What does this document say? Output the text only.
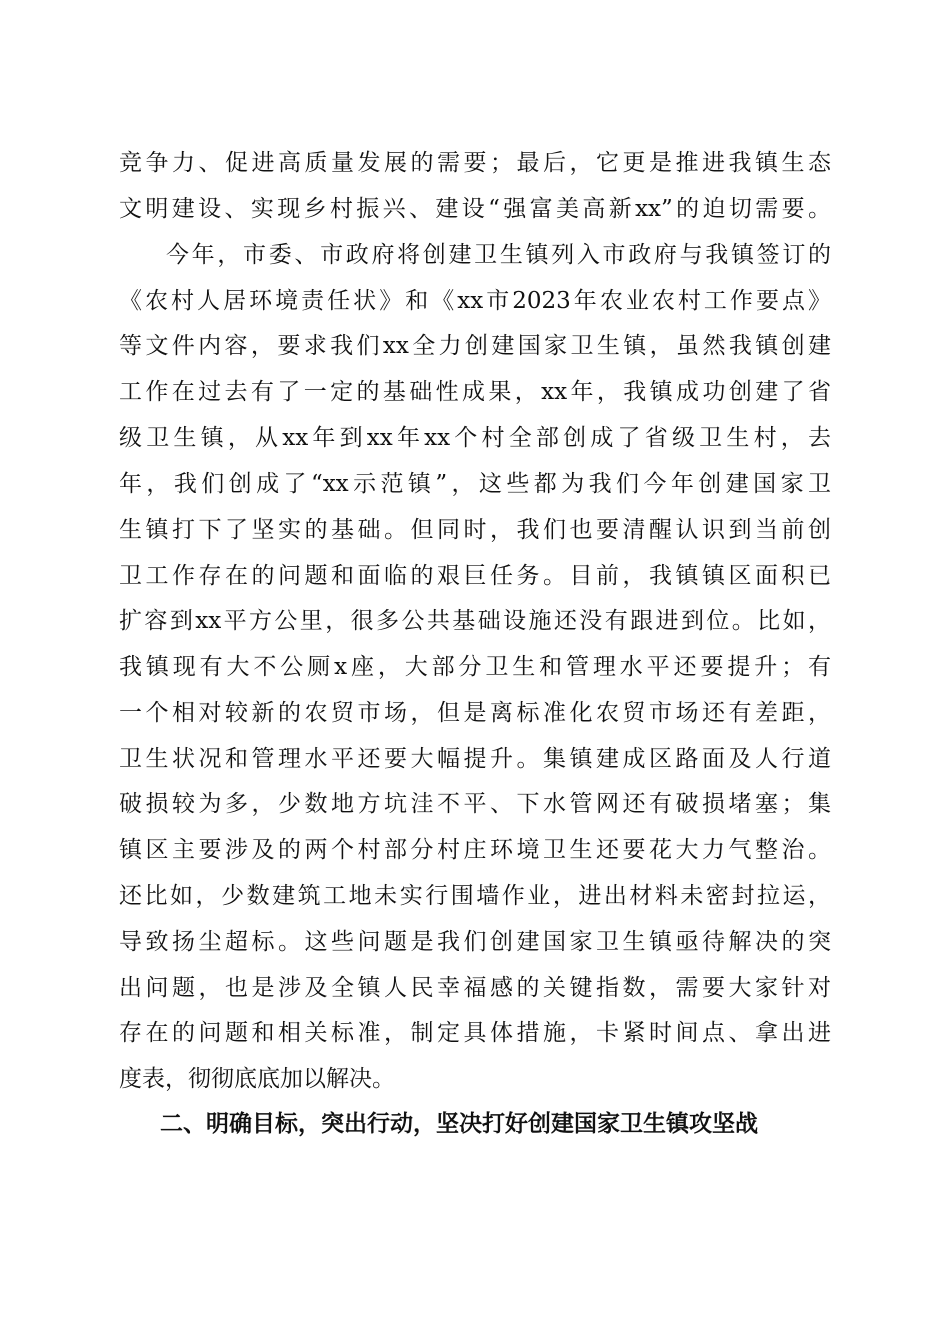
竞争力、促进高质量发展的需要；最后，它更是推进我镇生态
文明建设、实现乡村振兴、建设“强富美高新xx”的迫切需要。
今年，市委、市政府将创建卫生镇列入市政府与我镇签订的
《农村人居环境责任状》和《xx市2023年农业农村工作要点》
等文件内容，要求我们xx全力创建国家卫生镇，虽然我镇创建
工作在过去有了一定的基础性成果，xx年，我镇成功创建了省
级卫生镇，从xx年到xx年xx个村全部创成了省级卫生村，去
年，我们创成了“xx示范镇”，这些都为我们今年创建国家卫
生镇打下了坚实的基础。但同时，我们也要清醒认识到当前创
卫工作存在的问题和面临的艰巨任务。目前，我镇镇区面积已
扩容到xx平方公里，很多公共基础设施还没有跟进到位。比如，
我镇现有大不公厕x座，大部分卫生和管理水平还要提升；有
一个相对较新的农贸市场，但是离标准化农贸市场还有差距，
卫生状况和管理水平还要大幅提升。集镇建成区路面及人行道
破损较为多，少数地方坑洼不平、下水管网还有破损堵塞；集
镇区主要涉及的两个村部分村庄环境卫生还要花大力气整治。
还比如，少数建筑工地未实行围墙作业，进出材料未密封拉运，
导致扬尘超标。这些问题是我们创建国家卫生镇亟待解决的突
出问题，也是涉及全镇人民幸福感的关键指数，需要大家针对
存在的问题和相关标准，制定具体措施，卡紧时间点、拿出进
度表，彻彻底底加以解决。
二、明确目标，突出行动，坚决打好创建国家卫生镇攻坚战
